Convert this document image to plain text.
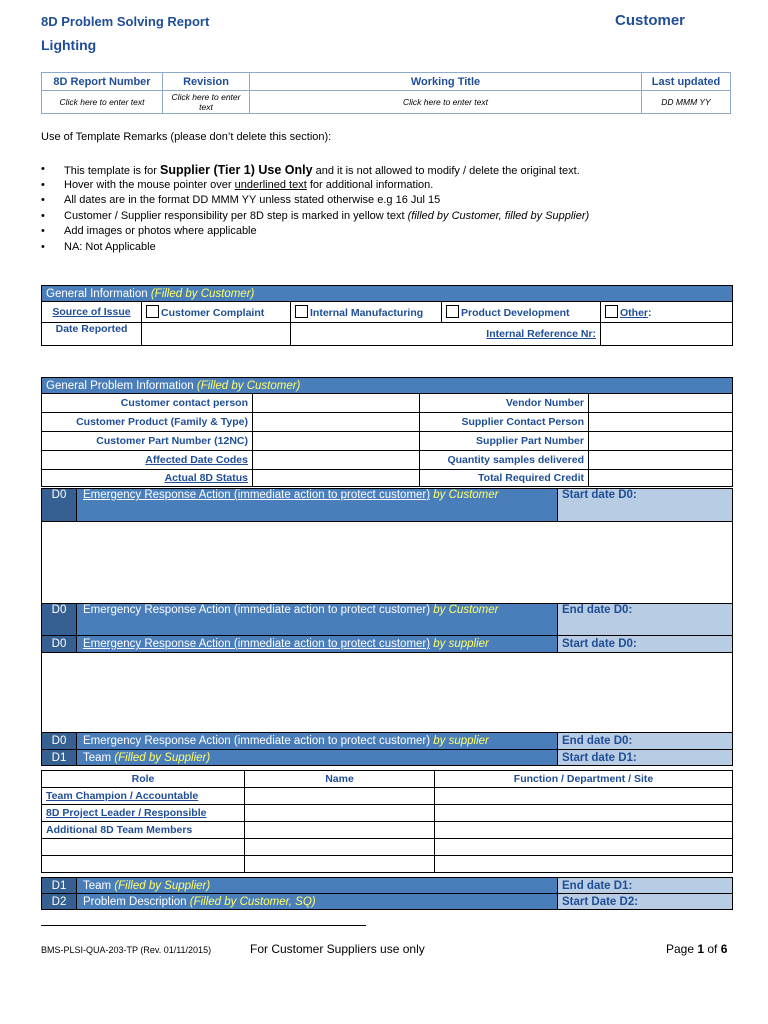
8D Problem Solving Report
Lighting
Customer
8D Report Number	Revision	Working Title	Last updated
Click here to enter text	Click here to enter text	Click here to enter text	DD MMM YY
Use of Template Remarks (please don’t delete this section):
• This template is for Supplier (Tier 1) Use Only and it is not allowed to modify / delete the original text.
• Hover with the mouse pointer over underlined text for additional information.
• All dates are in the format DD MMM YY unless stated otherwise e.g 16 Jul 15
• Customer / Supplier responsibility per 8D step is marked in yellow text (filled by Customer, filled by Supplier)
• Add images or photos where applicable
• NA: Not Applicable
General Information (Filled by Customer)				
Source of Issue	Customer Complaint	Internal Manufacturing	Product Development	Other:
Date Reported		Internal Reference Nr:		
General Problem Information (Filled by Customer)			
Customer contact person		Vendor Number	
Customer Product (Family & Type)		Supplier Contact Person	
Customer Part Number (12NC)		Supplier Part Number	
Affected Date Codes		Quantity samples delivered	
Actual 8D Status		Total Required Credit	
D0	Emergency Response Action (immediate action to protect customer) by Customer	Start date D0:

D0	Emergency Response Action (immediate action to protect customer) by Customer	End date D0:
D0	Emergency Response Action (immediate action to protect customer) by supplier	Start date D0:

D0	Emergency Response Action (immediate action to protect customer) by supplier	End date D0:
D1	Team (Filled by Supplier)	Start date D1:
Role	Name	Function / Department / Site
Team Champion / Accountable		
8D Project Leader / Responsible		
Additional 8D Team Members		

D1	Team (Filled by Supplier)	End date D1:
D2	Problem Description (Filled by Customer, SQ)	Start Date D2:
BMS-PLSI-QUA-203-TP (Rev. 01/11/2015)	For Customer Suppliers use only	Page 1 of 6
